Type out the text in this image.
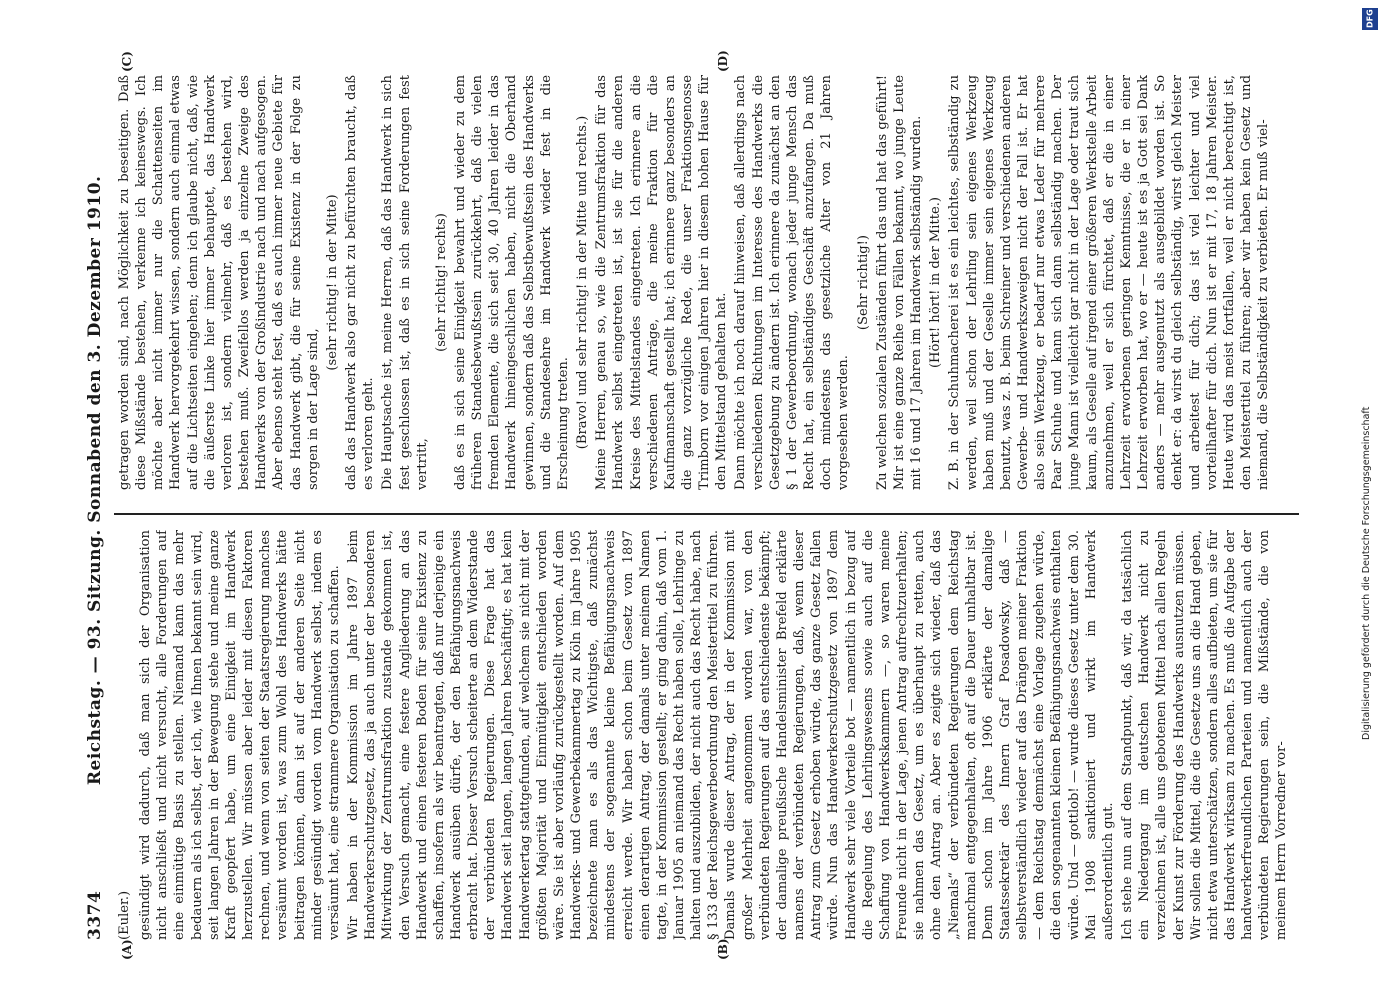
3374
Reichstag. — 93. Sitzung. Sonnabend den 3. Dezember 1910.
(A)	(B)
(C)	(D)

(Euler.) gesündigt wird dadurch, daß man sich der Organisation nicht anschließt und nicht versucht, alle Forderungen auf eine einmütige Basis zu stellen. Niemand kann das mehr bedauern als ich selbst, der ich, wie Ihnen bekannt sein wird, seit langen Jahren in der Bewegung stehe und meine ganze Kraft geopfert habe, um eine Einigkeit im Handwerk herzustellen. Wir müssen aber leider mit diesen Faktoren rechnen, und wenn von seiten der Staatsregierung manches versäumt worden ist, was zum Wohl des Handwerks hätte beitragen können, dann ist auf der anderen Seite nicht minder gesündigt worden vom Handwerk selbst, indem es versäumt hat, eine strammere Organisation zu schaffen. Wir haben in der Kommission im Jahre 1897 beim Handwerkerschutzgesetz, das ja auch unter der besonderen Mitwirkung der Zentrumsfraktion zustande gekommen ist, den Versuch gemacht, eine festere Angliederung an das Handwerk und einen festeren Boden für seine Existenz zu schaffen, insofern als wir beantragten, daß nur derjenige ein Handwerk ausüben dürfe, der den Befähigungsnachweis erbracht hat. Dieser Versuch scheiterte an dem Widerstande der verbündeten Regierungen. Diese Frage hat das Handwerk seit langen, langen Jahren beschäftigt; es hat kein Handwerkertag stattgefunden, auf welchem sie nicht mit der größten Majorität und Einmütigkeit entschieden worden wäre. Sie ist aber vorläufig zurückgestellt worden. Auf dem Handwerks- und Gewerbekammertag zu Köln im Jahre 1905 bezeichnete man es als das Wichtigste, daß zunächst mindestens der sogenannte kleine Befähigungsnachweis erreicht werde. Wir haben schon beim Gesetz von 1897 einen derartigen Antrag, der damals unter meinem Namen tagte, in der Kommission gestellt; er ging dahin, daß vom 1. Januar 1905 an niemand das Recht haben solle, Lehrlinge zu halten und auszubilden, der nicht auch das Recht habe, nach § 133 der Reichsgewerbeordnung den Meistertitel zu führen. Damals wurde dieser Antrag, der in der Kommission mit großer Mehrheit angenommen worden war, von den verbündeten Regierungen auf das entschiedenste bekämpft; der damalige preußische Handelsminister Brefeld erklärte namens der verbündeten Regierungen, daß, wenn dieser Antrag zum Gesetz erhoben würde, das ganze Gesetz fallen würde. Nun das Handwerkerschutzgesetz von 1897 dem Handwerk sehr viele Vorteile bot — namentlich in bezug auf die Regelung des Lehrlingswesens sowie auch auf die Schaffung von Handwerkskammern —, so waren meine Freunde nicht in der Lage, jenen Antrag aufrechtzuerhalten; sie nahmen das Gesetz, um es überhaupt zu retten, auch ohne den Antrag an. Aber es zeigte sich wieder, daß das „Niemals“ der verbündeten Regierungen dem Reichstag manchmal entgegenhalten, oft auf die Dauer unhaltbar ist. Denn schon im Jahre 1906 erklärte der damalige Staatssekretär des Innern Graf Posadowsky, daß — selbstverständlich wieder auf das Drängen meiner Fraktion — dem Reichstag demnächst eine Vorlage zugehen würde, die den sogenannten kleinen Befähigungsnachweis enthalten würde. Und — gottlob! — wurde dieses Gesetz unter dem 30. Mai 1908 sanktioniert und wirkt im Handwerk außerordentlich gut. Ich stehe nun auf dem Standpunkt, daß wir, da tatsächlich ein Niedergang im deutschen Handwerk nicht zu verzeichnen ist, alle uns gebotenen Mittel nach allen Regeln der Kunst zur Förderung des Handwerks ausnutzen müssen. Wir sollen die Mittel, die die Gesetze uns an die Hand geben, nicht etwa unterschätzen, sondern alles aufbieten, um sie für das Handwerk wirksam zu machen. Es muß die Aufgabe der handwerkerfreundlichen Parteien und namentlich auch der verbündeten Regierungen sein, die Mißstände, die von meinem Herrn Vorredner vor-

getragen worden sind, nach Möglichkeit zu beseitigen. Daß diese Mißstände bestehen, verkenne ich keineswegs. Ich möchte aber nicht immer nur die Schattenseiten im Handwerk hervorgekehrt wissen, sondern auch einmal etwas auf die Lichtseiten eingehen; denn ich glaube nicht, daß, wie die äußerste Linke hier immer behauptet, das Handwerk verloren ist, sondern vielmehr, daß es bestehen wird, bestehen muß. Zweifellos werden ja einzelne Zweige des Handwerks von der Großindustrie nach und nach aufgesogen. Aber ebenso steht fest, daß es auch immer neue Gebiete für das Handwerk gibt, die für seine Existenz in der Folge zu sorgen in der Lage sind,

(sehr richtig! in der Mitte) daß das Handwerk also gar nicht zu befürchten braucht, daß es verloren geht. Die Hauptsache ist, meine Herren, daß das Handwerk in sich fest geschlossen ist, daß es in sich seine Forderungen fest vertritt,

(sehr richtig! rechts) daß es in sich seine Einigkeit bewahrt und wieder zu dem früheren Standesbewußtsein zurückkehrt, daß die vielen fremden Elemente, die sich seit 30, 40 Jahren leider in das Handwerk hineingeschlichen haben, nicht die Oberhand gewinnen, sondern daß das Selbstbewußtsein des Handwerks und die Standesehre im Handwerk wieder fest in die Erscheinung treten. (Bravo! und sehr richtig! in der Mitte und rechts.) Meine Herren, genau so, wie die Zentrumsfraktion für das Handwerk selbst eingetreten ist, ist sie für die anderen Kreise des Mittelstandes eingetreten. Ich erinnere an die verschiedenen Anträge, die meine Fraktion für die Kaufmannschaft gestellt hat; ich erinnere ganz besonders an die ganz vorzügliche Rede, die unser Fraktionsgenosse Trimborn vor einigen Jahren hier in diesem hohen Hause für den Mittelstand gehalten hat. Dann möchte ich noch darauf hinweisen, daß allerdings nach verschiedenen Richtungen im Interesse des Handwerks die Gesetzgebung zu ändern ist. Ich erinnere da zunächst an den § 1 der Gewerbeordnung, wonach jeder junge Mensch das Recht hat, ein selbständiges Geschäft anzufangen. Da muß doch mindestens das gesetzliche Alter von 21 Jahren vorgesehen werden.

(Sehr richtig!) Zu welchen sozialen Zuständen führt das und hat das geführt! Mir ist eine ganze Reihe von Fällen bekannt, wo junge Leute mit 16 und 17 Jahren im Handwerk selbständig wurden. (Hört! hört! in der Mitte.) Z. B. in der Schuhmacherei ist es ein leichtes, selbständig zu werden, weil schon der Lehrling sein eigenes Werkzeug haben muß und der Geselle immer sein eigenes Werkzeug benutzt, was z. B. beim Schreiner und verschiedenen anderen Gewerbe- und Handwerkszweigen nicht der Fall ist. Er hat also sein Werkzeug, er bedarf nur etwas Leder für mehrere Paar Schuhe und kann sich dann selbständig machen. Der junge Mann ist vielleicht gar nicht in der Lage oder traut sich kaum, als Geselle auf irgend einer größeren Werkstelle Arbeit anzunehmen, weil er sich fürchtet, daß er die in einer Lehrzeit erworbenen geringen Kenntnisse, die er in einer Lehrzeit erworben hat, wo er — heute ist es ja Gott sei Dank anders — mehr ausgenutzt als ausgebildet worden ist. So denkt er: da wirst du gleich selbständig, wirst gleich Meister und arbeitest für dich; das ist viel leichter und viel vorteilhafter für dich. Nun ist er mit 17, 18 Jahren Meister. Heute wird das meist fortfallen, weil er nicht berechtigt ist, den Meistertitel zu führen; aber wir haben kein Gesetz und niemand, die Selbständigkeit zu verbieten. Er muß viel-

DFG
Digitalisierung gefördert durch die Deutsche Forschungsgemeinschaft
